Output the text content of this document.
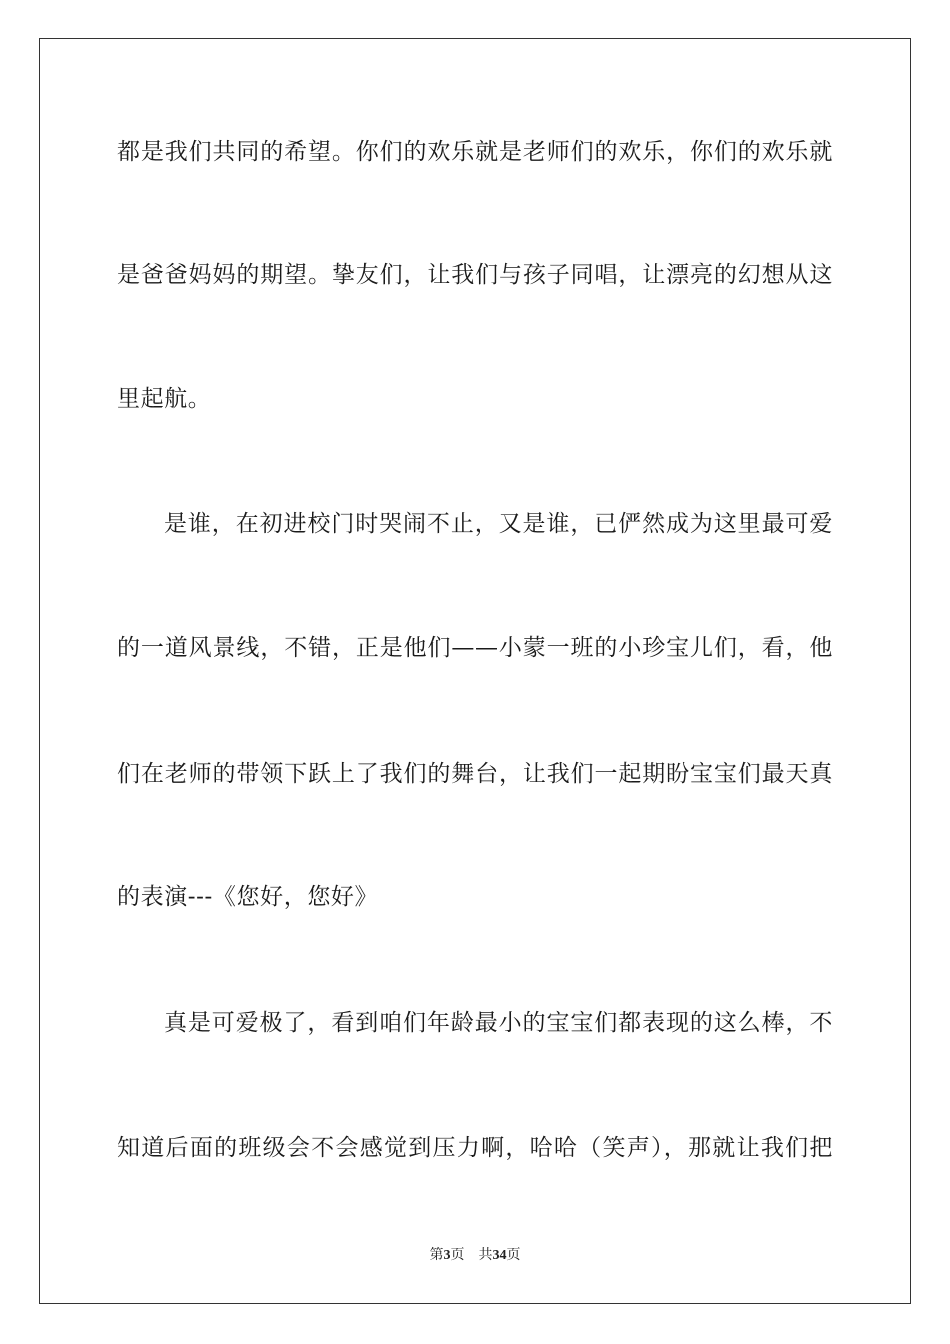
都是我们共同的希望。你们的欢乐就是老师们的欢乐，你们的欢乐就
是爸爸妈妈的期望。挚友们，让我们与孩子同唱，让漂亮的幻想从这
里起航。
是谁，在初进校门时哭闹不止，又是谁，已俨然成为这里最可爱
的一道风景线，不错，正是他们——小蒙一班的小珍宝儿们，看，他
们在老师的带领下跃上了我们的舞台，让我们一起期盼宝宝们最天真
的表演---《您好，您好》
真是可爱极了，看到咱们年龄最小的宝宝们都表现的这么棒，不
知道后面的班级会不会感觉到压力啊，哈哈（笑声），那就让我们把
第3页 共34页
